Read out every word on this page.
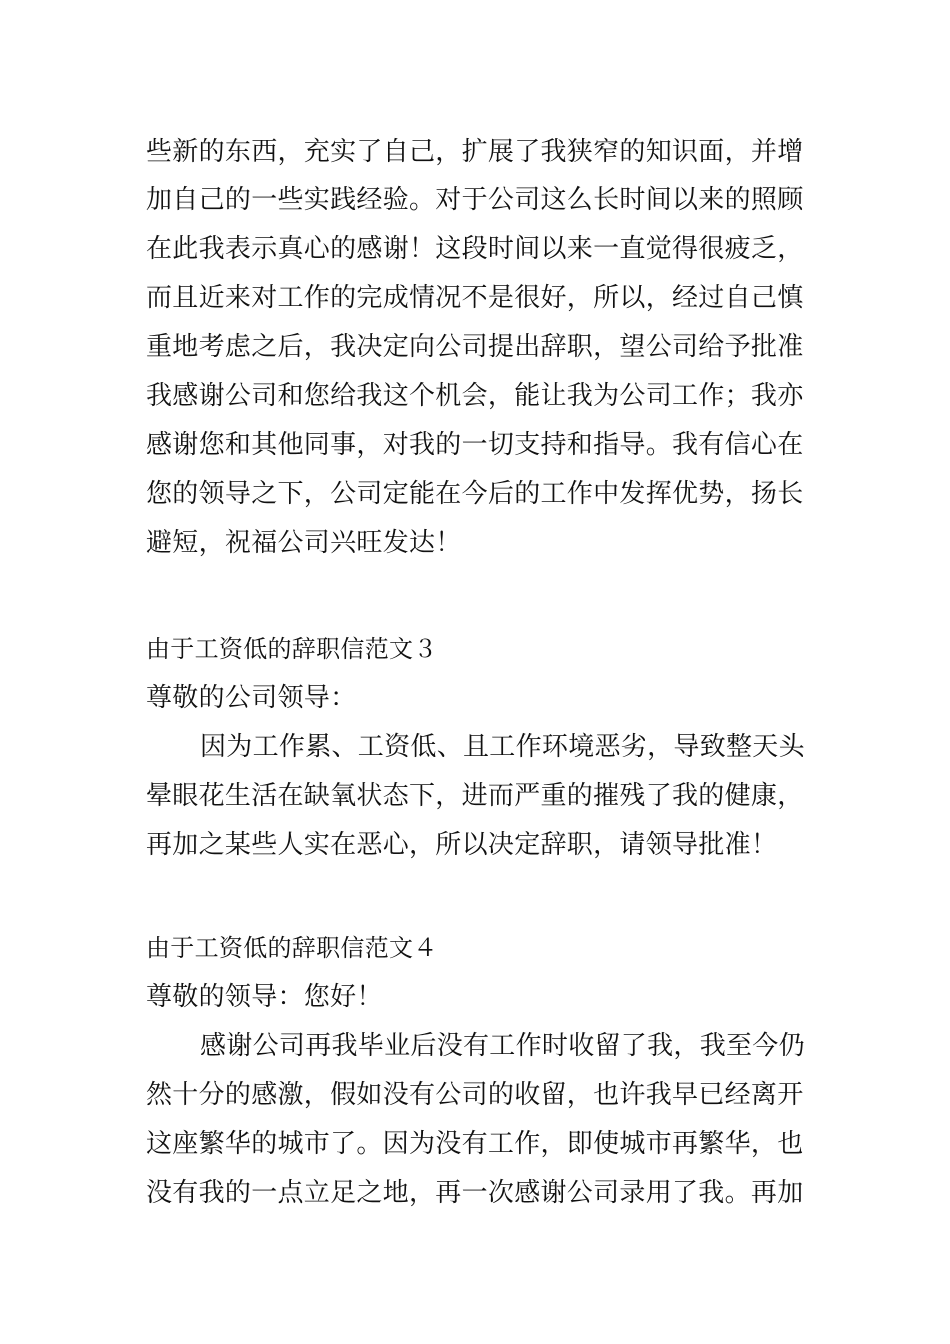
些新的东西，充实了自己，扩展了我狭窄的知识面，并增
加自己的一些实践经验。对于公司这么长时间以来的照顾
在此我表示真心的感谢！这段时间以来一直觉得很疲乏，
而且近来对工作的完成情况不是很好，所以，经过自己慎
重地考虑之后，我决定向公司提出辞职，望公司给予批准
我感谢公司和您给我这个机会，能让我为公司工作；我亦
感谢您和其他同事，对我的一切支持和指导。我有信心在
您的领导之下，公司定能在今后的工作中发挥优势，扬长
避短，祝福公司兴旺发达！
由于工资低的辞职信范文３
尊敬的公司领导：
因为工作累、工资低、且工作环境恶劣，导致整天头
晕眼花生活在缺氧状态下，进而严重的摧残了我的健康，
再加之某些人实在恶心，所以决定辞职，请领导批准！
由于工资低的辞职信范文４
尊敬的领导：您好！
感谢公司再我毕业后没有工作时收留了我，我至今仍
然十分的感激，假如没有公司的收留，也许我早已经离开
这座繁华的城市了。因为没有工作，即使城市再繁华，也
没有我的一点立足之地，再一次感谢公司录用了我。再加
